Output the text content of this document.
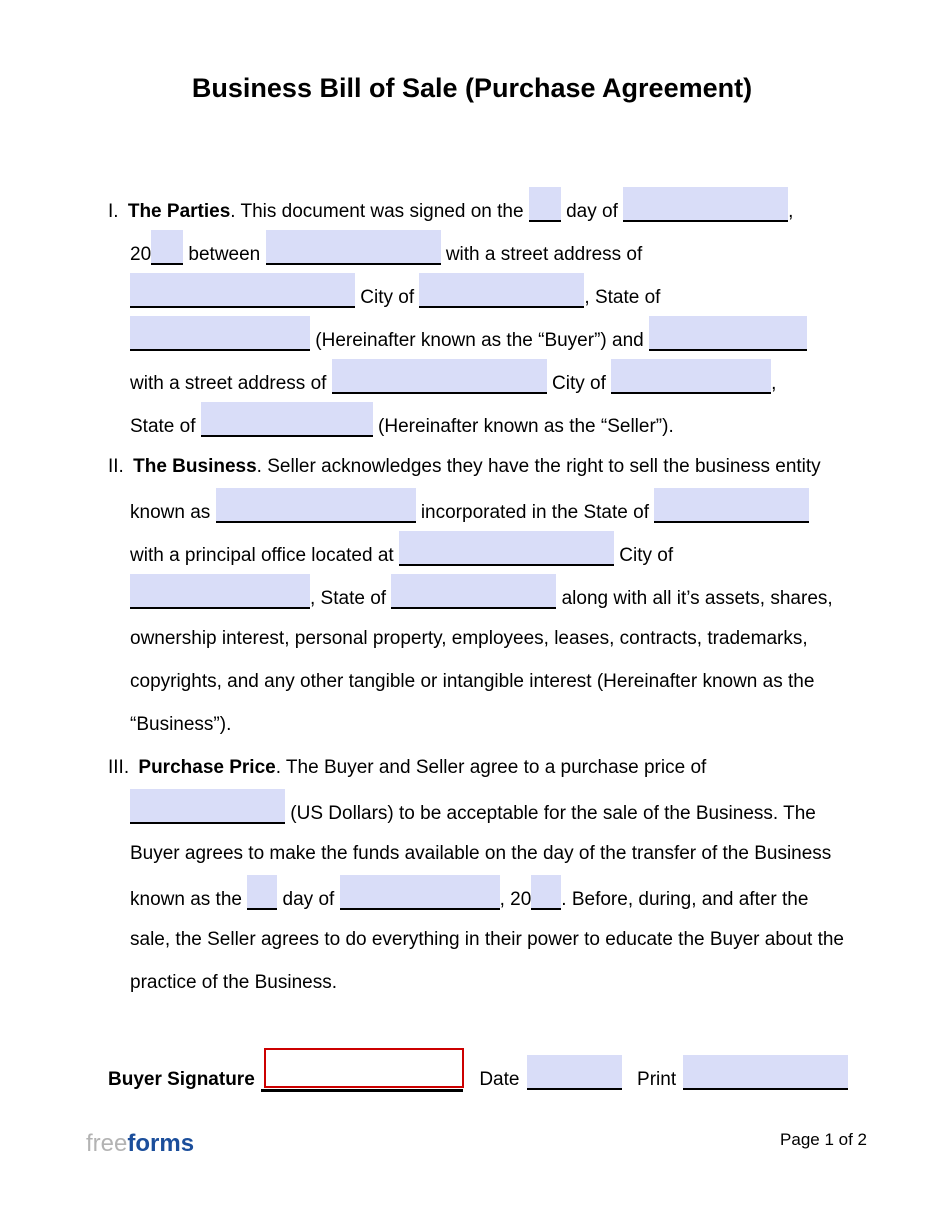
Business Bill of Sale (Purchase Agreement)
I. The Parties. This document was signed on the  day of	,
20 between	with a street address of
City of	, State of
(Hereinafter known as the “Buyer”) and
with a street address of	City of	,
State of	(Hereinafter known as the “Seller”).
II. The Business. Seller acknowledges they have the right to sell the business entity
known as	incorporated in the State of
with a principal office located at	City of
, State of	along with all it’s assets, shares,
ownership interest, personal property, employees, leases, contracts, trademarks,
copyrights, and any other tangible or intangible interest (Hereinafter known as the
“Business”).
III. Purchase Price. The Buyer and Seller agree to a purchase price of
(US Dollars) to be acceptable for the sale of the Business. The
Buyer agrees to make the funds available on the day of the transfer of the Business
known as the  day of	, 20 . Before, during, and after the
sale, the Seller agrees to do everything in their power to educate the Buyer about the
practice of the Business.
Buyer Signature	Date	Print
freeforms	Page 1 of 2
